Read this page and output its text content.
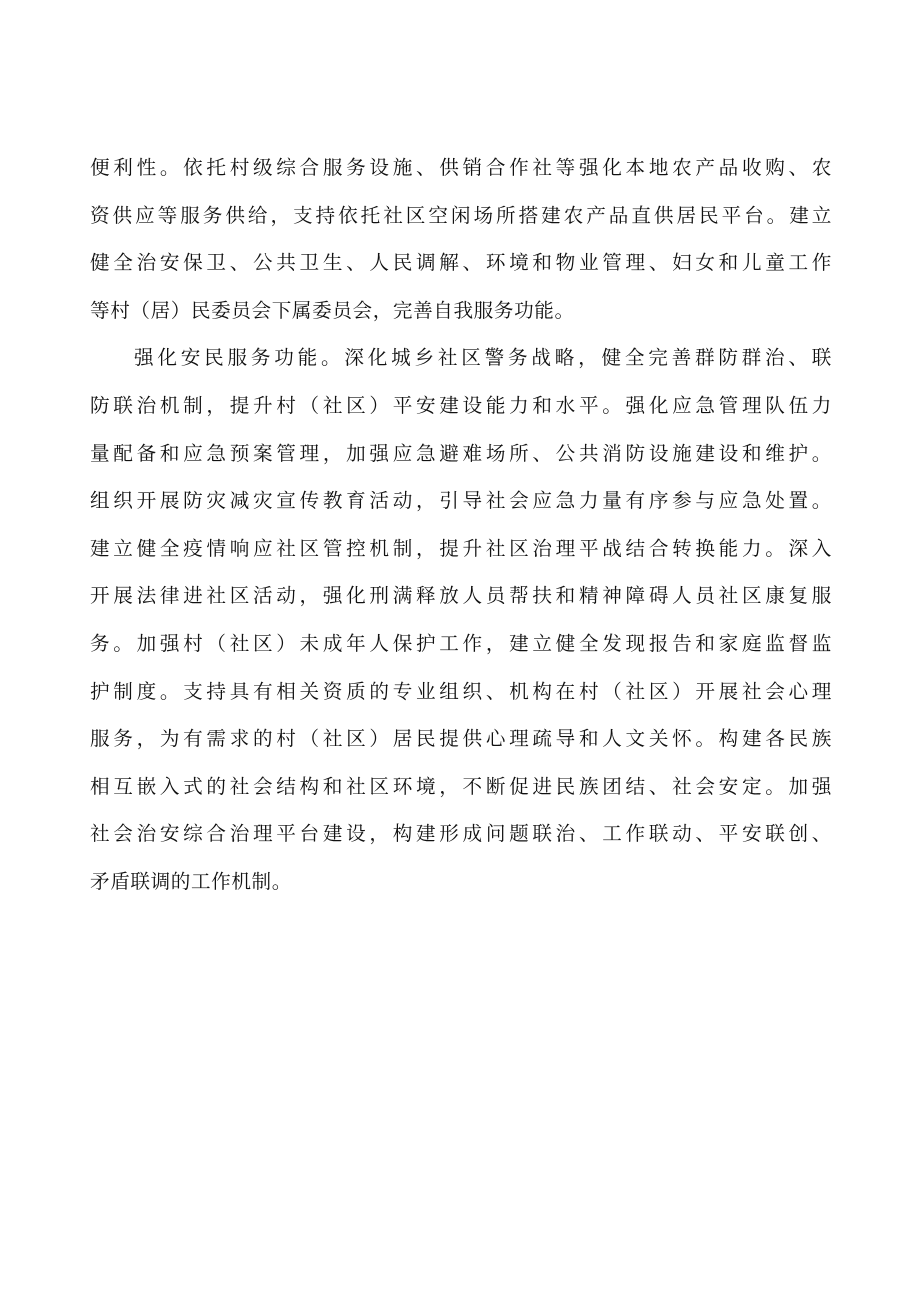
便利性。依托村级综合服务设施、供销合作社等强化本地农产品收购、农
资供应等服务供给，支持依托社区空闲场所搭建农产品直供居民平台。建立
健全治安保卫、公共卫生、人民调解、环境和物业管理、妇女和儿童工作
等村（居）民委员会下属委员会，完善自我服务功能。
强化安民服务功能。深化城乡社区警务战略，健全完善群防群治、联
防联治机制，提升村（社区）平安建设能力和水平。强化应急管理队伍力
量配备和应急预案管理，加强应急避难场所、公共消防设施建设和维护。
组织开展防灾减灾宣传教育活动，引导社会应急力量有序参与应急处置。
建立健全疫情响应社区管控机制，提升社区治理平战结合转换能力。深入
开展法律进社区活动，强化刑满释放人员帮扶和精神障碍人员社区康复服
务。加强村（社区）未成年人保护工作，建立健全发现报告和家庭监督监
护制度。支持具有相关资质的专业组织、机构在村（社区）开展社会心理
服务，为有需求的村（社区）居民提供心理疏导和人文关怀。构建各民族
相互嵌入式的社会结构和社区环境，不断促进民族团结、社会安定。加强
社会治安综合治理平台建设，构建形成问题联治、工作联动、平安联创、
矛盾联调的工作机制。
